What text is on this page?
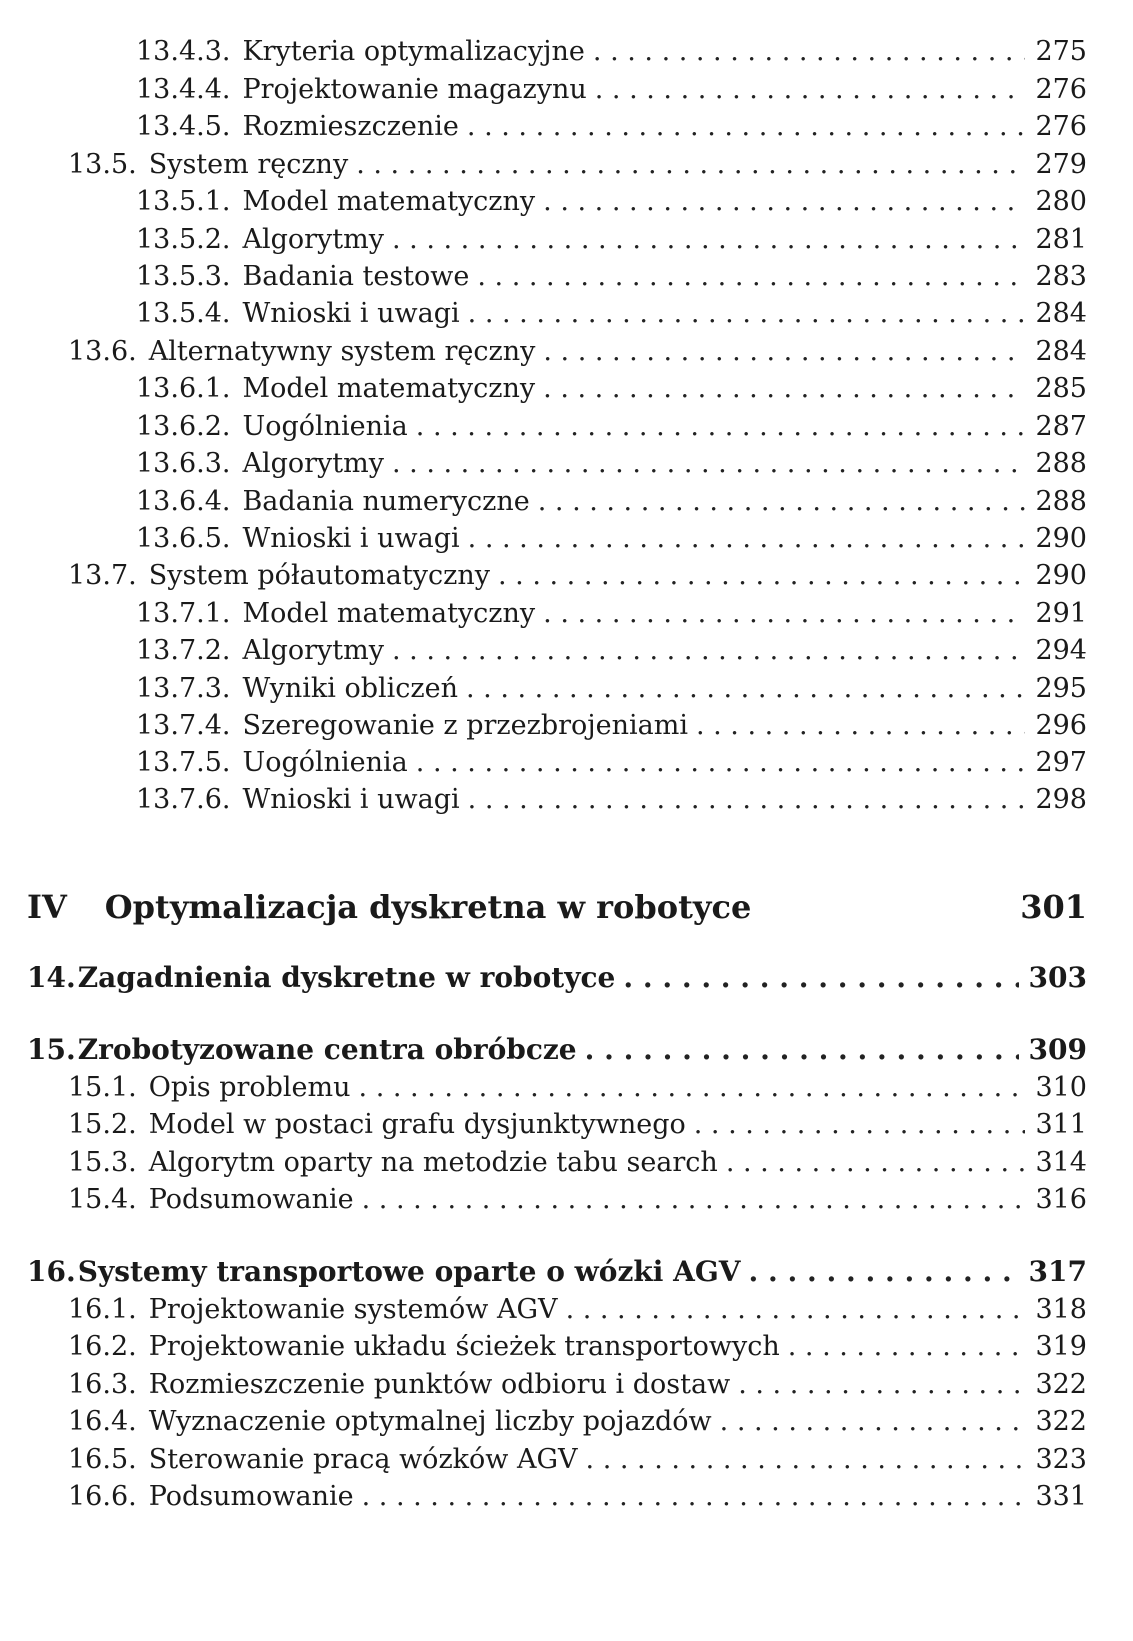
13.4.3. Kryteria optymalizacyjne . . .	275
13.4.4. Projektowanie magazynu . . .	276
13.4.5. Rozmieszczenie . . .	276
13.5. System ręczny . . .	279
13.5.1. Model matematyczny . . .	280
13.5.2. Algorytmy . . .	281
13.5.3. Badania testowe . . .	283
13.5.4. Wnioski i uwagi . . .	284
13.6. Alternatywny system ręczny . . .	284
13.6.1. Model matematyczny . . .	285
13.6.2. Uogólnienia . . .	287
13.6.3. Algorytmy . . .	288
13.6.4. Badania numeryczne . . .	288
13.6.5. Wnioski i uwagi . . .	290
13.7. System półautomatyczny . . .	290
13.7.1. Model matematyczny . . .	291
13.7.2. Algorytmy . . .	294
13.7.3. Wyniki obliczeń . . .	295
13.7.4. Szeregowanie z przezbrojeniami . . .	296
13.7.5. Uogólnienia . . .	297
13.7.6. Wnioski i uwagi . . .	298
IV	Optymalizacja dyskretna w robotyce	301
14. Zagadnienia dyskretne w robotyce . . .	303
15. Zrobotyzowane centra obróbcze . . .	309
15.1. Opis problemu . . .	310
15.2. Model w postaci grafu dysjunktywnego . . .	311
15.3. Algorytm oparty na metodzie tabu search . . .	314
15.4. Podsumowanie . . .	316
16. Systemy transportowe oparte o wózki AGV . . .	317
16.1. Projektowanie systemów AGV . . .	318
16.2. Projektowanie układu ścieżek transportowych . . .	319
16.3. Rozmieszczenie punktów odbioru i dostaw . . .	322
16.4. Wyznaczenie optymalnej liczby pojazdów . . .	322
16.5. Sterowanie pracą wózków AGV . . .	323
16.6. Podsumowanie . . .	331
